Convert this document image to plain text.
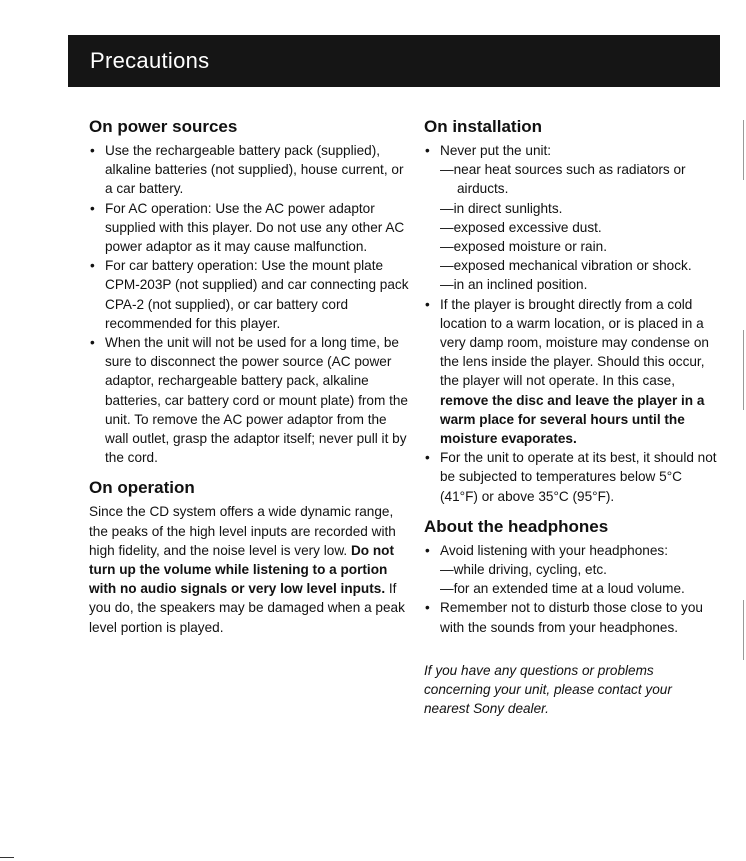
Precautions
On power sources
• Use the rechargeable battery pack (supplied), alkaline batteries (not supplied), house current, or a car battery.
• For AC operation: Use the AC power adaptor supplied with this player. Do not use any other AC power adaptor as it may cause malfunction.
• For car battery operation: Use the mount plate CPM-203P (not supplied) and car connecting pack CPA-2 (not supplied), or car battery cord recommended for this player.
• When the unit will not be used for a long time, be sure to disconnect the power source (AC power adaptor, rechargeable battery pack, alkaline batteries, car battery cord or mount plate) from the unit. To remove the AC power adaptor from the wall outlet, grasp the adaptor itself; never pull it by the cord.
On operation
Since the CD system offers a wide dynamic range, the peaks of the high level inputs are recorded with high fidelity, and the noise level is very low. Do not turn up the volume while listening to a portion with no audio signals or very low level inputs. If you do, the speakers may be damaged when a peak level portion is played.
On installation
• Never put the unit:
—near heat sources such as radiators or airducts.
—in direct sunlights.
—exposed excessive dust.
—exposed moisture or rain.
—exposed mechanical vibration or shock.
—in an inclined position.
• If the player is brought directly from a cold location to a warm location, or is placed in a very damp room, moisture may condense on the lens inside the player. Should this occur, the player will not operate. In this case, remove the disc and leave the player in a warm place for several hours until the moisture evaporates.
• For the unit to operate at its best, it should not be subjected to temperatures below 5°C (41°F) or above 35°C (95°F).
About the headphones
• Avoid listening with your headphones:
—while driving, cycling, etc.
—for an extended time at a loud volume.
• Remember not to disturb those close to you with the sounds from your headphones.
If you have any questions or problems concerning your unit, please contact your nearest Sony dealer.
